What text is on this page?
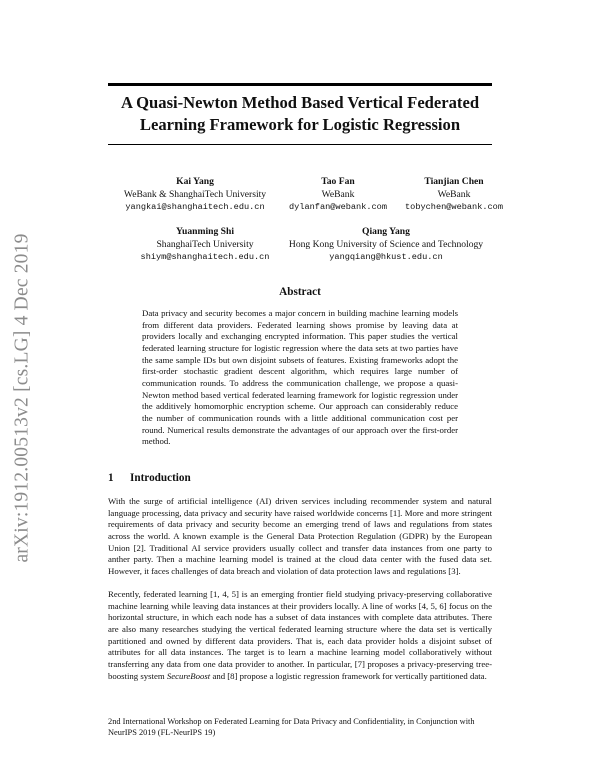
arXiv:1912.00513v2 [cs.LG] 4 Dec 2019
A Quasi-Newton Method Based Vertical Federated Learning Framework for Logistic Regression
Kai Yang
WeBank & ShanghaiTech University
yangkai@shanghaitech.edu.cn
Tao Fan
WeBank
dylanfan@webank.com
Tianjian Chen
WeBank
tobychen@webank.com
Yuanming Shi
ShanghaiTech University
shiym@shanghaitech.edu.cn
Qiang Yang
Hong Kong University of Science and Technology
yangqiang@hkust.edu.cn
Abstract
Data privacy and security becomes a major concern in building machine learning models from different data providers. Federated learning shows promise by leaving data at providers locally and exchanging encrypted information. This paper studies the vertical federated learning structure for logistic regression where the data sets at two parties have the same sample IDs but own disjoint subsets of features. Existing frameworks adopt the first-order stochastic gradient descent algorithm, which requires large number of communication rounds. To address the communication challenge, we propose a quasi-Newton method based vertical federated learning framework for logistic regression under the additively homomorphic encryption scheme. Our approach can considerably reduce the number of communication rounds with a little additional communication cost per round. Numerical results demonstrate the advantages of our approach over the first-order method.
1 Introduction
With the surge of artificial intelligence (AI) driven services including recommender system and natural language processing, data privacy and security have raised worldwide concerns [1]. More and more stringent requirements of data privacy and security become an emerging trend of laws and regulations from states across the world. A known example is the General Data Protection Regulation (GDPR) by the European Union [2]. Traditional AI service providers usually collect and transfer data instances from one party to anther party. Then a machine learning model is trained at the cloud data center with the fused data set. However, it faces challenges of data breach and violation of data protection laws and regulations [3].
Recently, federated learning [1, 4, 5] is an emerging frontier field studying privacy-preserving collaborative machine learning while leaving data instances at their providers locally. A line of works [4, 5, 6] focus on the horizontal structure, in which each node has a subset of data instances with complete data attributes. There are also many researches studying the vertical federated learning structure where the data set is vertically partitioned and owned by different data providers. That is, each data provider holds a disjoint subset of attributes for all data instances. The target is to learn a machine learning model collaboratively without transferring any data from one data provider to another. In particular, [7] proposes a privacy-preserving tree-boosting system SecureBoost and [8] propose a logistic regression framework for vertically partitioned data.
2nd International Workshop on Federated Learning for Data Privacy and Confidentiality, in Conjunction with NeurIPS 2019 (FL-NeurIPS 19)
